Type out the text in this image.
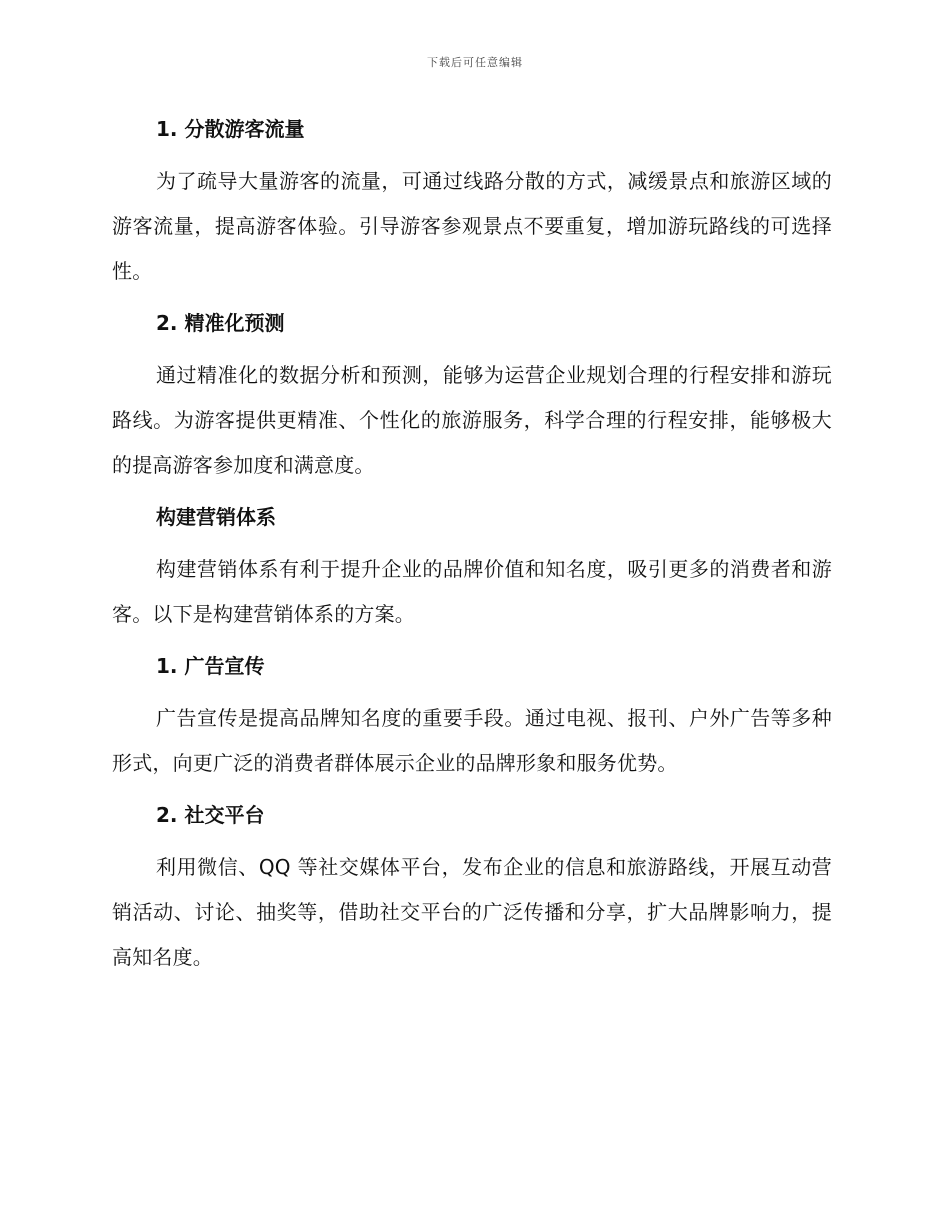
下载后可任意编辑
1. 分散游客流量

为了疏导大量游客的流量，可通过线路分散的方式，减缓景点和旅游区域的游客流量，提高游客体验。引导游客参观景点不要重复，增加游玩路线的可选择性。

2. 精准化预测

通过精准化的数据分析和预测，能够为运营企业规划合理的行程安排和游玩路线。为游客提供更精准、个性化的旅游服务，科学合理的行程安排，能够极大的提高游客参加度和满意度。

构建营销体系

构建营销体系有利于提升企业的品牌价值和知名度，吸引更多的消费者和游客。以下是构建营销体系的方案。

1. 广告宣传

广告宣传是提高品牌知名度的重要手段。通过电视、报刊、户外广告等多种形式，向更广泛的消费者群体展示企业的品牌形象和服务优势。

2. 社交平台

利用微信、QQ 等社交媒体平台，发布企业的信息和旅游路线，开展互动营销活动、讨论、抽奖等，借助社交平台的广泛传播和分享，扩大品牌影响力，提高知名度。
